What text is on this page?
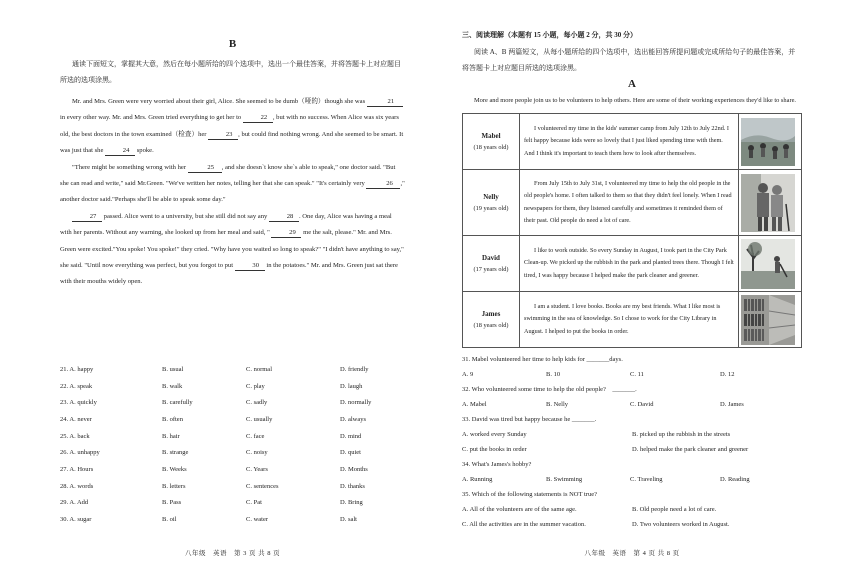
B

通读下面短文，掌握其大意，然后在每小题所给的四个选项中，选出一个最佳答案，并将答题卡上对应题目所选的选项涂黑。

Mr. and Mrs. Green were very worried about their girl, Alice. She seemed to be dumb（哑的）though she was	21 in every other way. Mr. and Mrs. Green tried everything to get her to	22 , but with no success. When Alice was six years old, the best doctors in the town examined（检查）her	23 , but could find nothing wrong. And she seemed to be smart. It was just that she	24 spoke.

"There might be something wrong with her	25 , and she doesn`t know she`s able to speak," one doctor said. "But she can read and write," said Mr.Green. "We've written her notes, telling her that she can speak." "It's certainly very	26 ," another doctor said."Perhaps she'll be able to speak some day."

27 passed. Alice went to a university, but she still did not say any	28 . One day, Alice was having a meal with her parents. Without any warning, she looked up from her meal and said, "	29 me the salt, please." Mr. and Mrs. Green were excited."You spoke! You spoke!" they cried. "Why have you waited so long to speak?" "I didn't have anything to say," she said. "Until now everything was perfect, but you forgot to put	30 in the potatoes." Mr. and Mrs. Green just sat there with their mouths widely open.

21. A. happy	B. usual	C. normal	D. friendly
22. A. speak	B. walk	C. play	D. laugh
23. A. quickly	B. carefully	C. sadly	D. normally
24. A. never	B. often	C. usually	D. always
25. A. back	B. hair	C. face	D. mind
26. A. unhappy	B. strange	C. noisy	D. quiet
27. A. Hours	B. Weeks	C. Years	D. Months
28. A. words	B. letters	C. sentences	D. thanks
29. A. Add	B. Pass	C. Pat	D. Bring
30. A. sugar	B. oil	C. water	D. salt
八年级　英语　第 3 页 共 8 页
三、阅读理解（本题有 15 小题，每小题 2 分，共 30 分）

阅读 A、B 两篇短文，从每小题所给的四个选项中，选出能回答所提问题或完成所给句子的最佳答案，并将答题卡上对应题目所选的选项涂黑。

A

More and more people join us to be volunteers to help others. Here are some of their working experiences they'd like to share.

Mabel
(18 years old)	I volunteered my time in the kids' summer camp from July 12th to July 22nd. I felt happy because kids were so lovely that I just liked spending time with them. And I think it's important to teach them how to look after themselves.	

Nelly
(19 years old)	From July 15th to July 31st, I volunteered my time to help the old people in the old people's home. I often talked to them so that they didn't feel lonely. When I read newspapers for them, they listened carefully and sometimes it reminded them of their past. Old people do need a lot of care.	

David
(17 years old)	I like to work outside. So every Sunday in August, I took part in the City Park Clean-up. We picked up the rubbish in the park and planted trees there. Though I felt tired, I was happy because I helped make the park cleaner and greener.	

James
(18 years old)	I am a student. I love books. Books are my best friends. What I like most is swimming in the sea of knowledge. So I chose to work for the City Library in August. I helped to put the books in order.	
31. Mabel volunteered her time to help kids for _______days.
A. 9	B. 10	C. 11	D. 12
32. Who volunteered some time to help the old people?　_______.
A. Mabel	B. Nelly	C. David	D. James
33. David was tired but happy because he _______.
A. worked every Sunday	B. picked up the rubbish in the streets
C. put the books in order	D. helped make the park cleaner and greener
34. What's James's hobby?
A. Running	B. Swimming	C. Traveling	D. Reading
35. Which of the following statements is NOT true?
A. All of the volunteers are of the same age.	B. Old people need a lot of care.
C. All the activities are in the summer vacation.	D. Two volunteers worked in August.
八年级　英语　第 4 页 共 8 页
